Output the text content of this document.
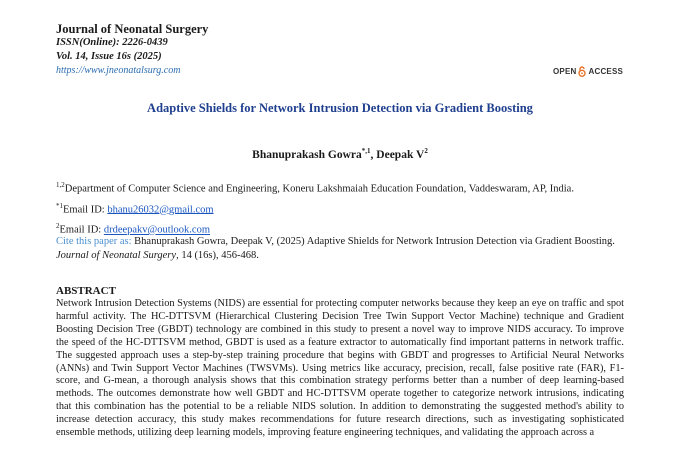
Journal of Neonatal Surgery
ISSN(Online): 2226-0439
Vol. 14, Issue 16s (2025)
https://www.jneonatalsurg.com	OPEN ACCESS
Adaptive Shields for Network Intrusion Detection via Gradient Boosting
Bhanuprakash Gowra$^{*,1}$, Deepak $V^2$
$^{1,2}$Department of Computer Science and Engineering, Koneru Lakshmaiah Education Foundation, Vaddeswaram, AP, India.
$^{*1}$Email ID: bhanu26032@gmail.com
$^2$Email ID: drdeepakv@outlook.com
Cite this paper as: Bhanuprakash Gowra, Deepak V, (2025) Adaptive Shields for Network Intrusion Detection via Gradient Boosting. Journal of Neonatal Surgery, 14 (16s), 456-468.
ABSTRACT
Network Intrusion Detection Systems (NIDS) are essential for protecting computer networks because they keep an eye on traffic and spot harmful activity. The HC-DTTSVM (Hierarchical Clustering Decision Tree Twin Support Vector Machine) technique and Gradient Boosting Decision Tree (GBDT) technology are combined in this study to present a novel way to improve NIDS accuracy. To improve the speed of the HC-DTTSVM method, GBDT is used as a feature extractor to automatically find important patterns in network traffic. The suggested approach uses a step-by-step training procedure that begins with GBDT and progresses to Artificial Neural Networks (ANNs) and Twin Support Vector Machines (TWSVMs). Using metrics like accuracy, precision, recall, false positive rate (FAR), F1-score, and G-mean, a thorough analysis shows that this combination strategy performs better than a number of deep learning-based methods. The outcomes demonstrate how well GBDT and HC-DTTSVM operate together to categorize network intrusions, indicating that this combination has the potential to be a reliable NIDS solution. In addition to demonstrating the suggested method's ability to increase detection accuracy, this study makes recommendations for future research directions, such as investigating sophisticated ensemble methods, utilizing deep learning models, improving feature engineering techniques, and validating the approach across a
